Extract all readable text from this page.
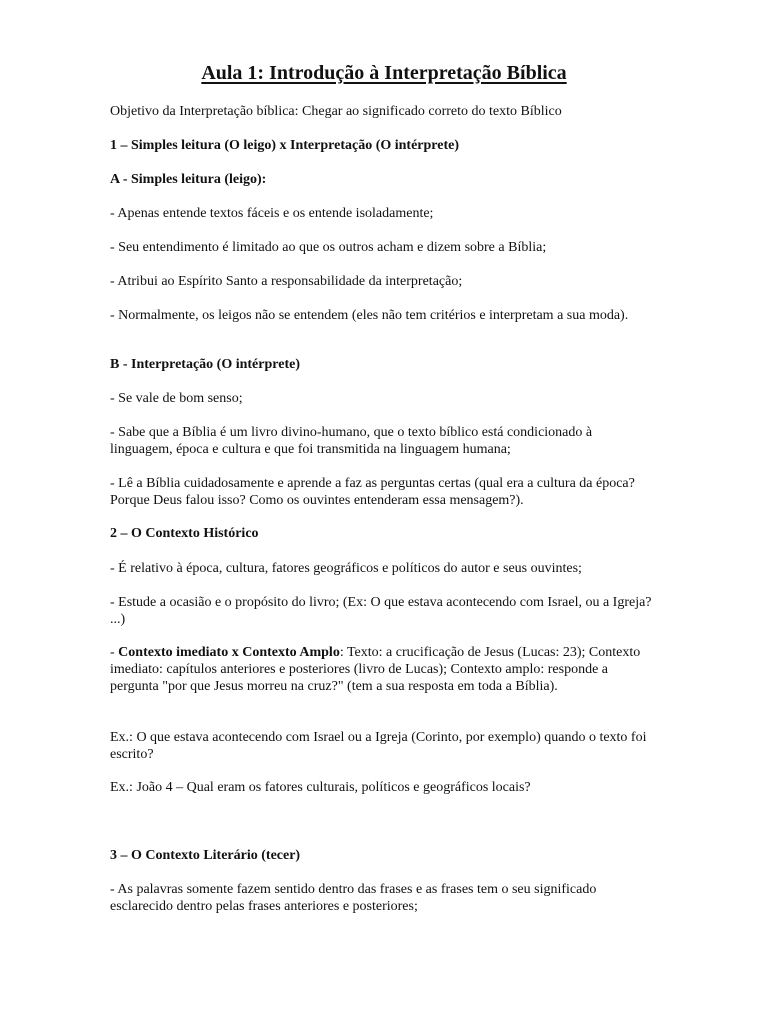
Aula 1: Introdução à Interpretação Bíblica

Objetivo da Interpretação bíblica: Chegar ao significado correto do texto Bíblico

1 – Simples leitura (O leigo) x Interpretação (O intérprete)

A - Simples leitura (leigo):

- Apenas entende textos fáceis e os entende isoladamente;

- Seu entendimento é limitado ao que os outros acham e dizem sobre a Bíblia;

- Atribui ao Espírito Santo a responsabilidade da interpretação;

- Normalmente, os leigos não se entendem (eles não tem critérios e interpretam a sua moda).

B - Interpretação (O intérprete)

- Se vale de bom senso;

- Sabe que a Bíblia é um livro divino-humano, que o texto bíblico está condicionado à linguagem, época e cultura e que foi transmitida na linguagem humana;

- Lê a Bíblia cuidadosamente e aprende a faz as perguntas certas (qual era a cultura da época? Porque Deus falou isso? Como os ouvintes entenderam essa mensagem?).

2 – O Contexto Histórico

- É relativo à época, cultura, fatores geográficos e políticos do autor e seus ouvintes;

- Estude a ocasião e o propósito do livro; (Ex: O que estava acontecendo com Israel, ou a Igreja? ...)

- Contexto imediato x Contexto Amplo: Texto: a crucificação de Jesus (Lucas: 23); Contexto imediato: capítulos anteriores e posteriores (livro de Lucas); Contexto amplo: responde a pergunta "por que Jesus morreu na cruz?" (tem a sua resposta em toda a Bíblia).

Ex.: O que estava acontecendo com Israel ou a Igreja (Corinto, por exemplo) quando o texto foi escrito?

Ex.: João 4 – Qual eram os fatores culturais, políticos e geográficos locais?

3 – O Contexto Literário (tecer)

- As palavras somente fazem sentido dentro das frases e as frases tem o seu significado esclarecido dentro pelas frases anteriores e posteriores;
